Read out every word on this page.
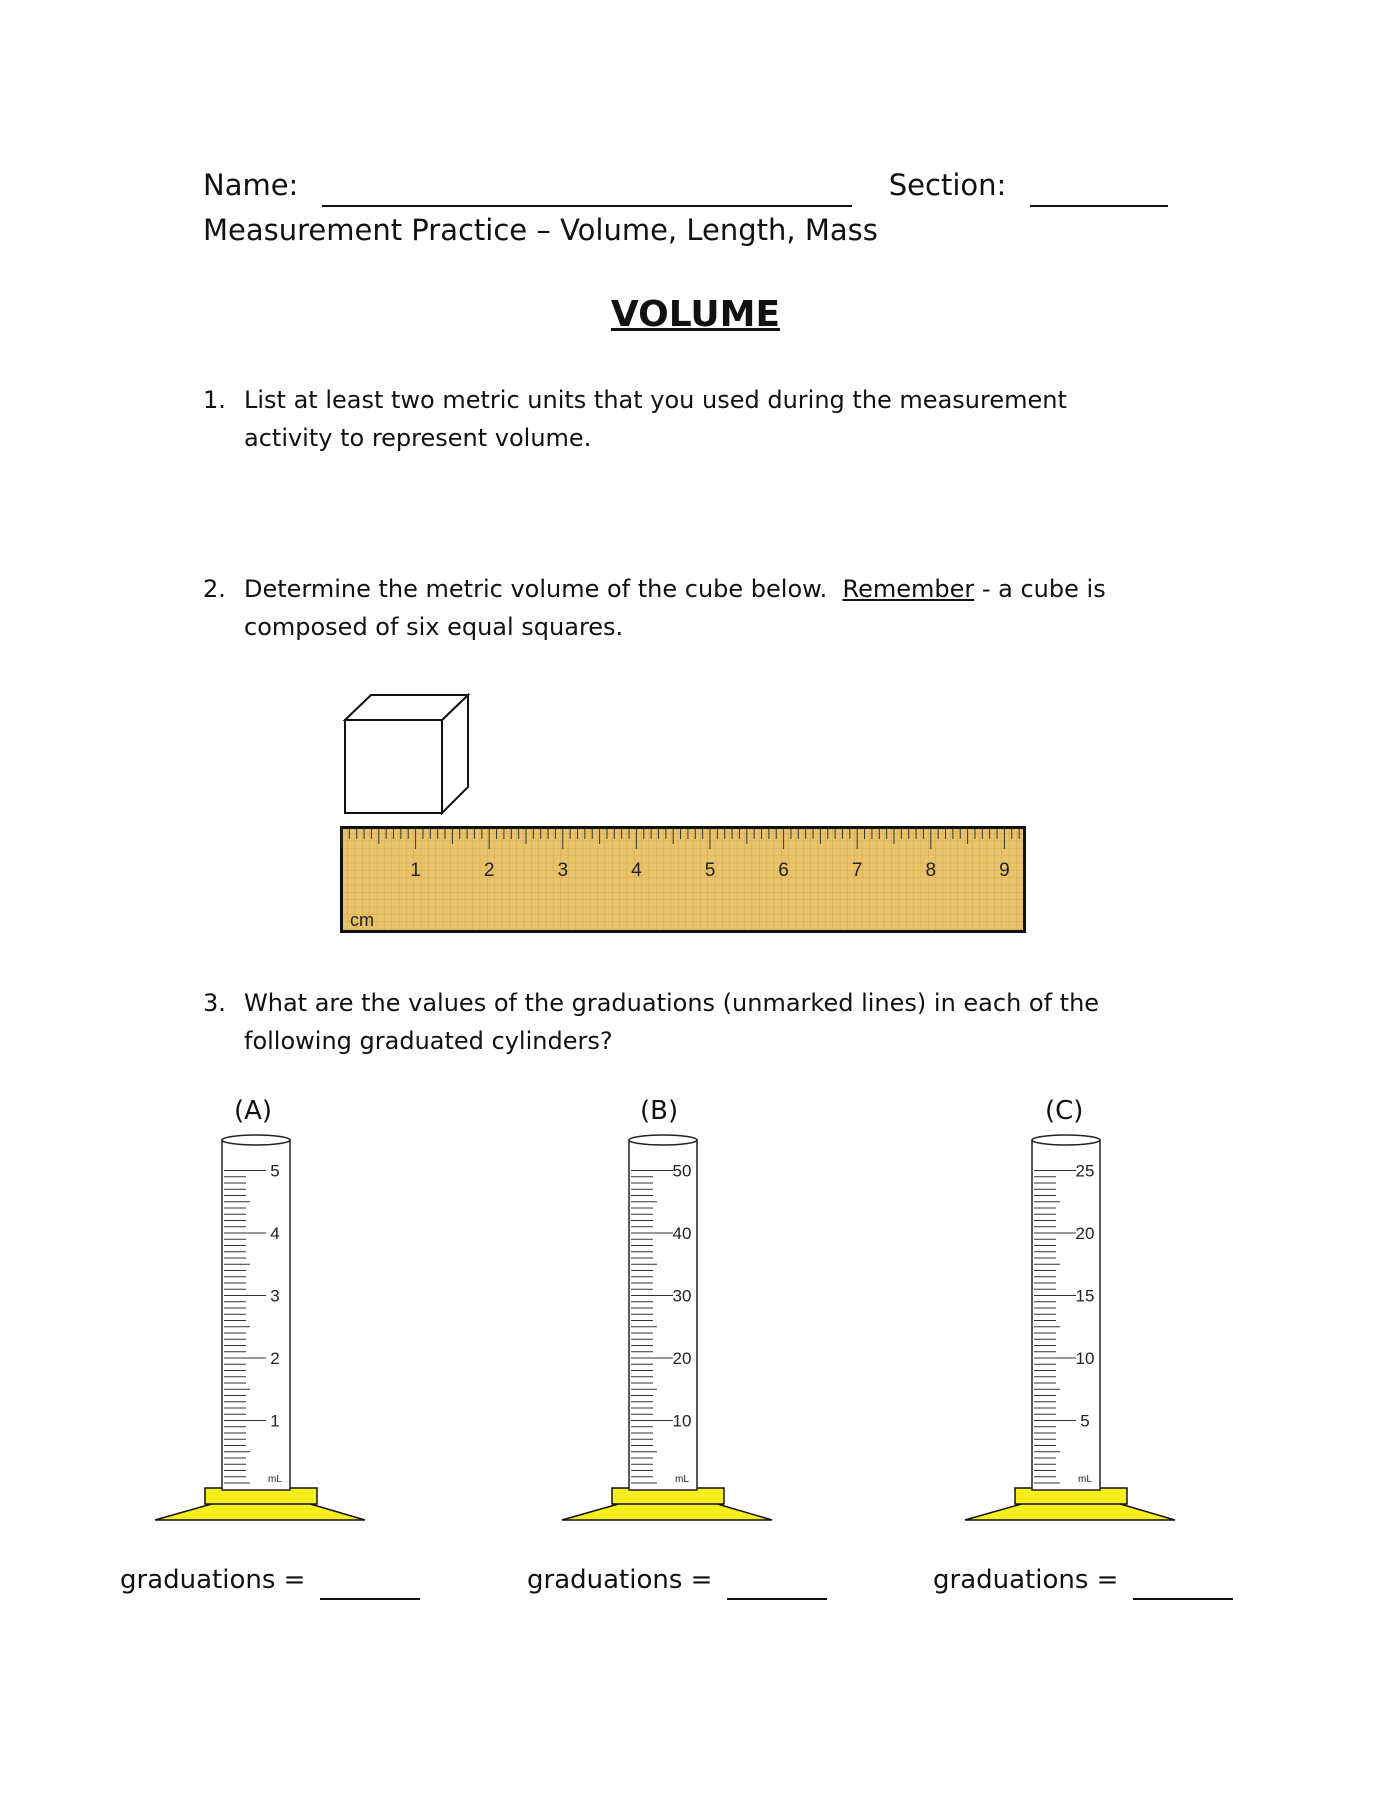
Name:	Section:
Measurement Practice – Volume, Length, Mass
VOLUME
1. List at least two metric units that you used during the measurement
activity to represent volume.
2. Determine the metric volume of the cube below.  Remember - a cube is
composed of six equal squares.
1	2	3	4	5	6	7	8	9
cm
3. What are the values of the graduations (unmarked lines) in each of the
following graduated cylinders?
(A)	(B)	(C)
5
4
3
2
1
mL
50
40
30
20
10
mL
25
20
15
10
5
mL
graduations =	graduations =	graduations =
